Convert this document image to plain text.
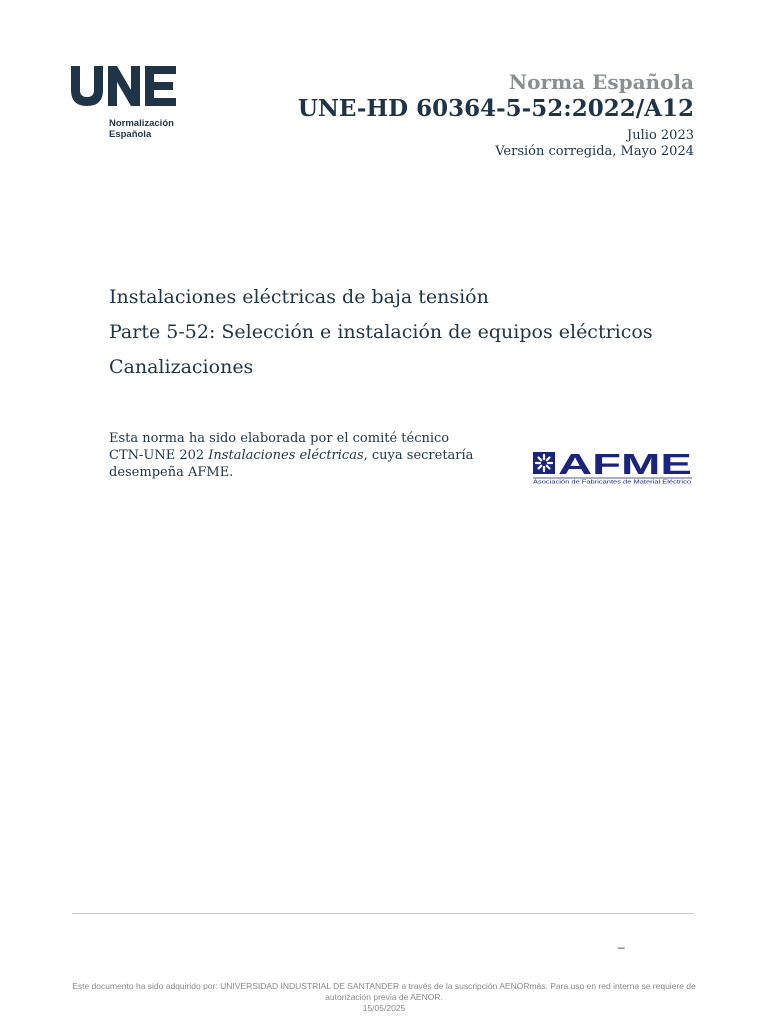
Normalización
Española
Norma Española
UNE-HD 60364-5-52:2022/A12
Julio 2023
Versión corregida, Mayo 2024
Instalaciones eléctricas de baja tensión
Parte 5-52: Selección e instalación de equipos eléctricos
Canalizaciones
Esta norma ha sido elaborada por el comité técnico
CTN-UNE 202 Instalaciones eléctricas, cuya secretaría
desempeña AFME.	AFME
Asociación de Fabricantes de Material Eléctrico
–
Este documento ha sido adquirido por: UNIVERSIDAD INDUSTRIAL DE SANTANDER a través de la suscripción AENORmás. Para uso en red interna se requiere de
autorización previa de AENOR.
15/05/2025
